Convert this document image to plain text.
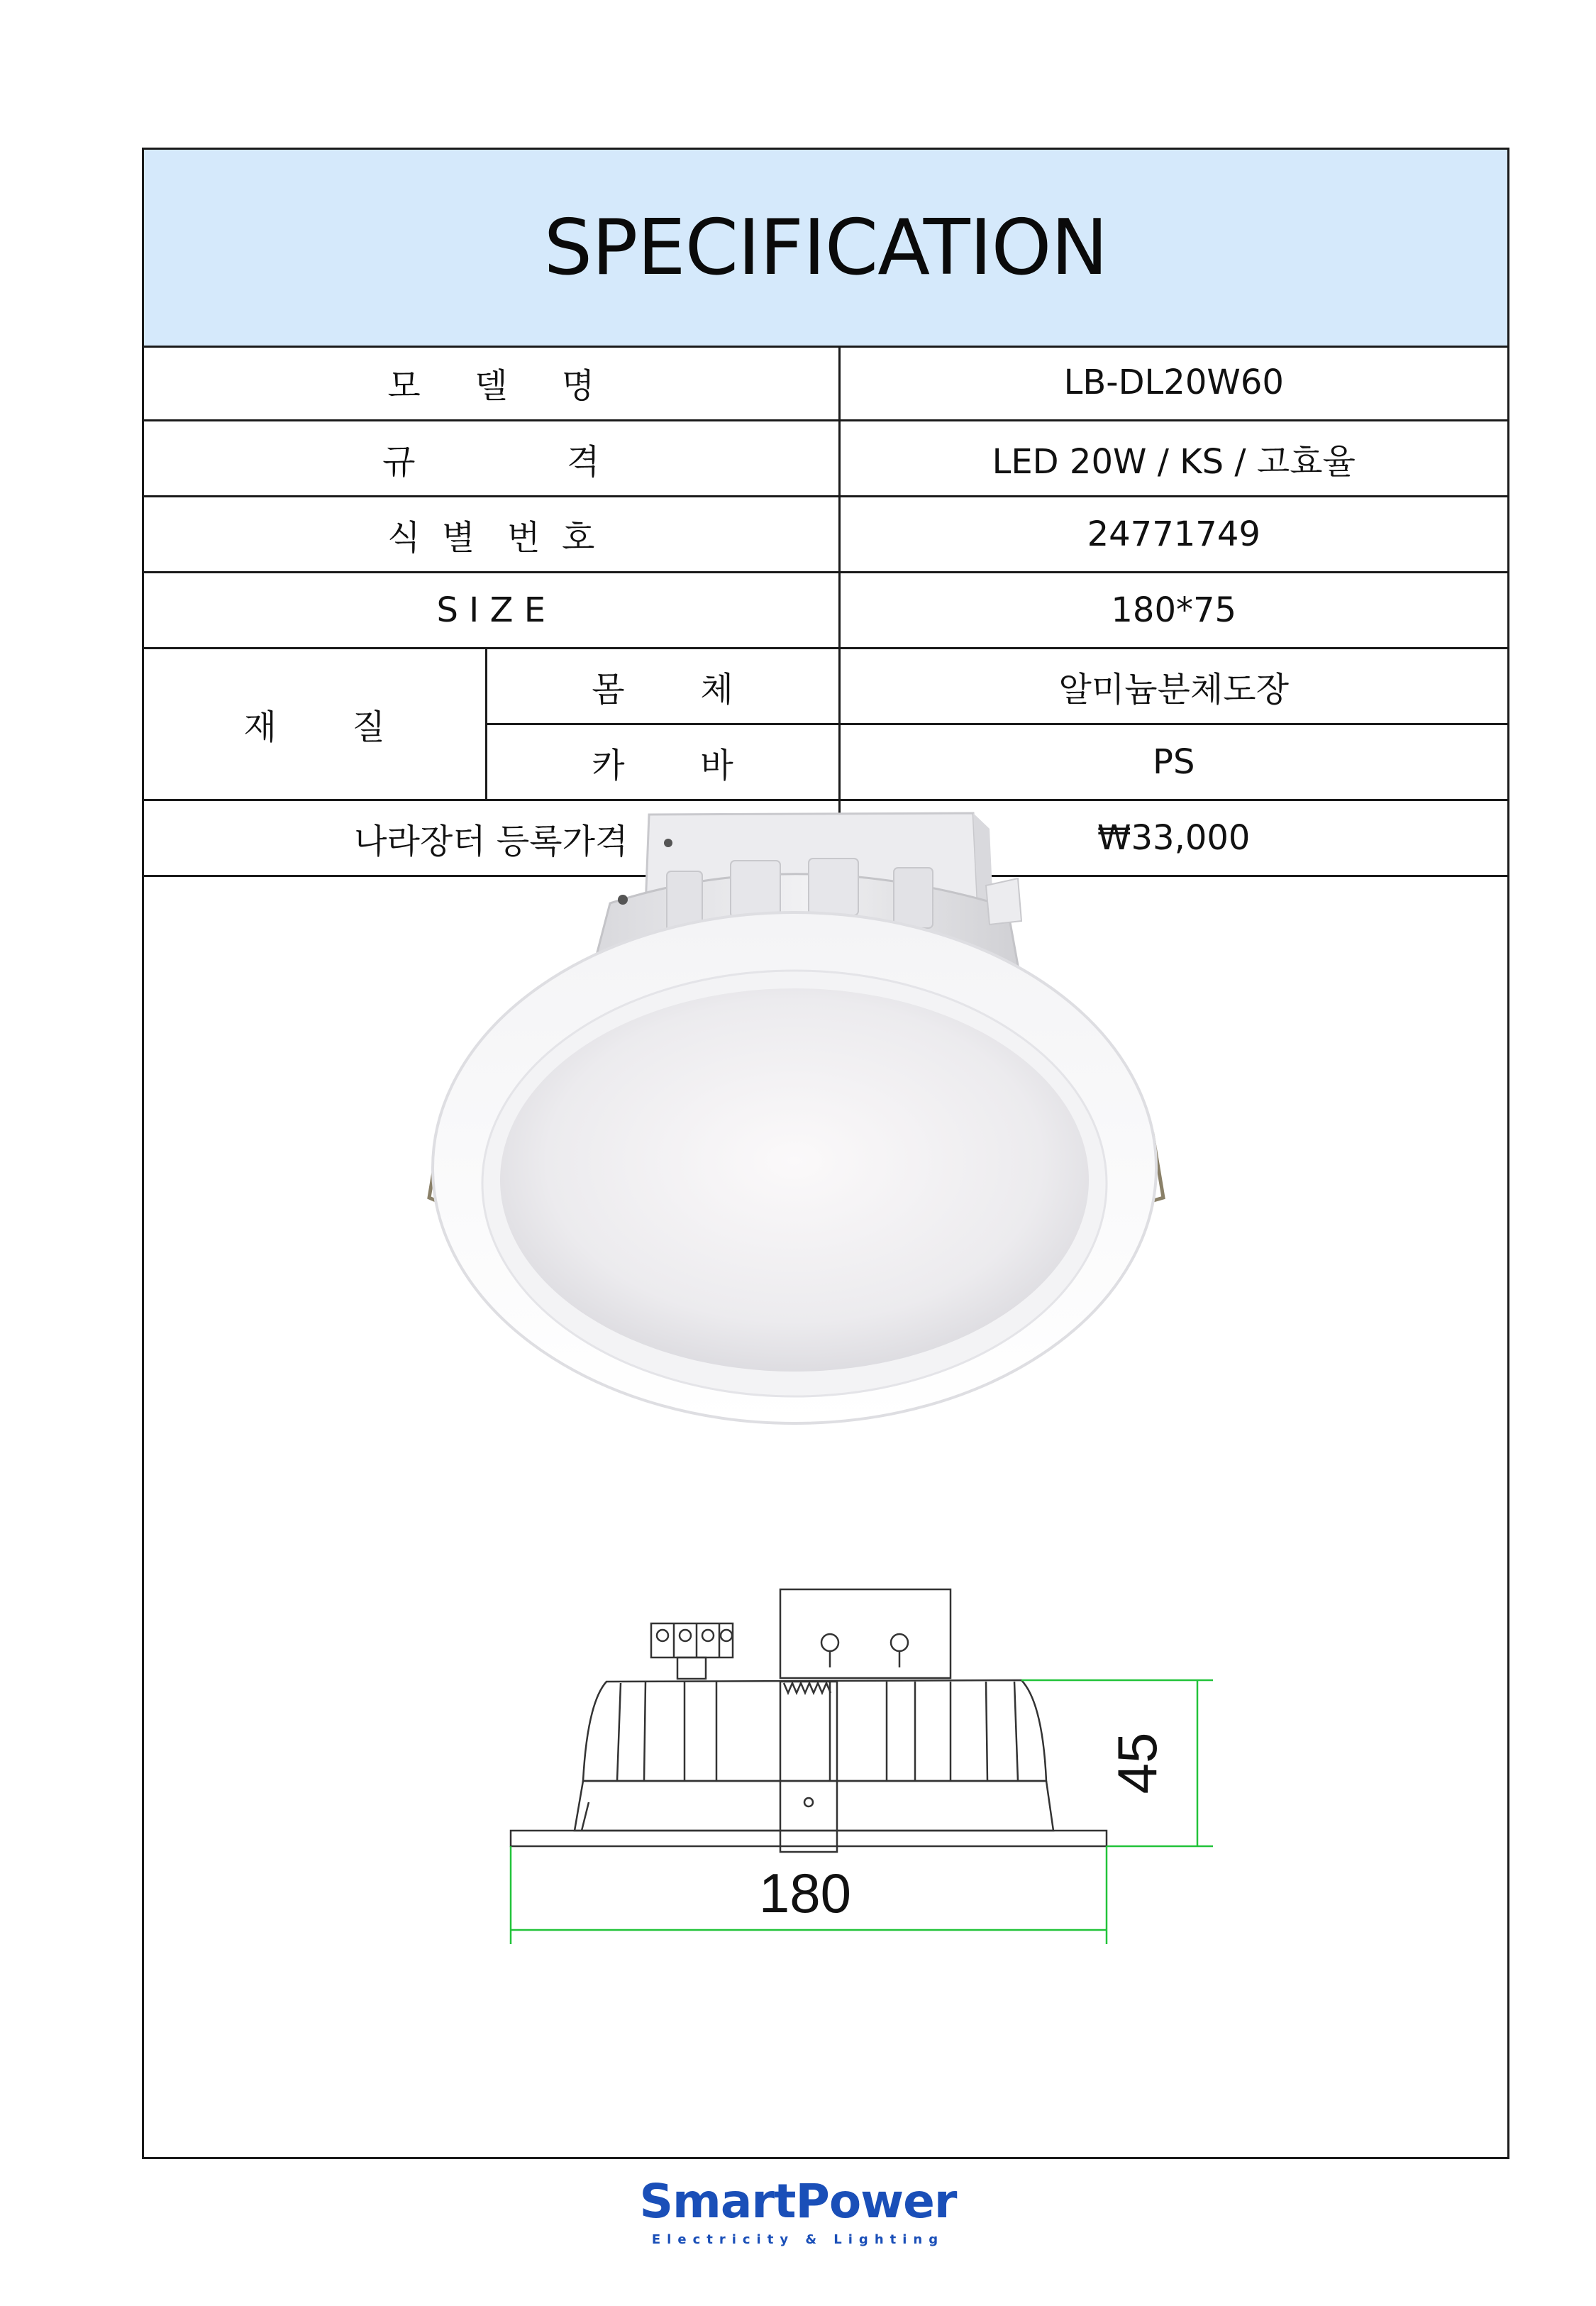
SPECIFICATION
모     델     명		LB-DL20W60
규              격		LED 20W / KS / 고효율
식  별   번  호		24771749
S I Z E		180*75
재       질	몸       체	알미늄분체도장
	카       바	PS
나라장터 등록가격		₩33,000
45
180
SmartPower
Electricity & Lighting
